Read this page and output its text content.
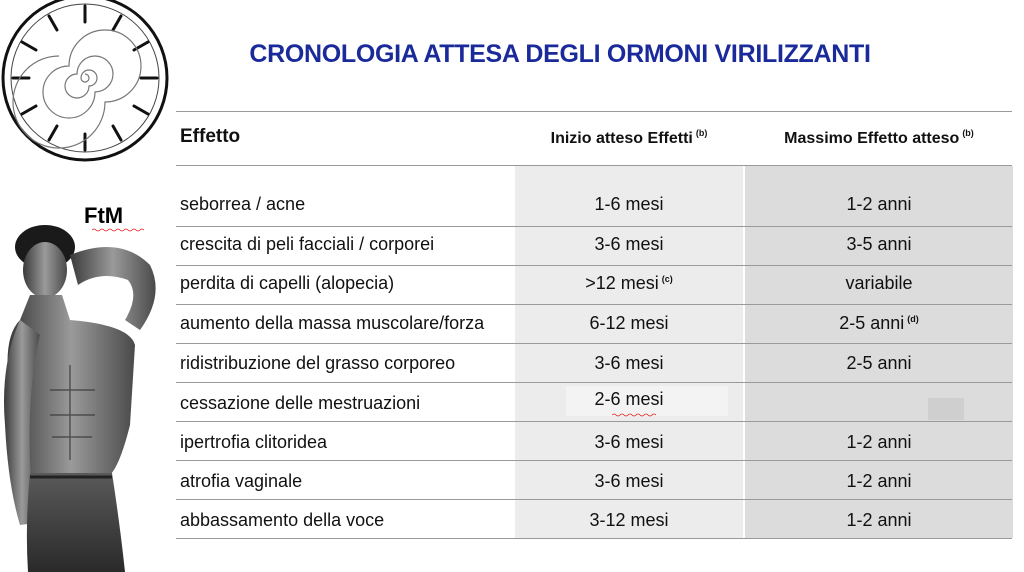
FtM
CRONOLOGIA ATTESA DEGLI ORMONI VIRILIZZANTI
Effetto	Inizio atteso Effetti $^{(b)}$	Massimo Effetto atteso $^{(b)}$
seborrea / acne	1-6 mesi	1-2 anni
crescita di peli facciali / corporei	3-6 mesi	3-5 anni
perdita di capelli (alopecia)	>12 mesi $^{(c)}$	variabile
aumento della massa muscolare/forza	6-12 mesi	2-5 anni $^{(d)}$
ridistribuzione del grasso corporeo	3-6 mesi	2-5 anni
cessazione delle mestruazioni	2-6 mesi
ipertrofia clitoridea	3-6 mesi	1-2 anni
atrofia vaginale	3-6 mesi	1-2 anni
abbassamento della voce	3-12 mesi	1-2 anni
